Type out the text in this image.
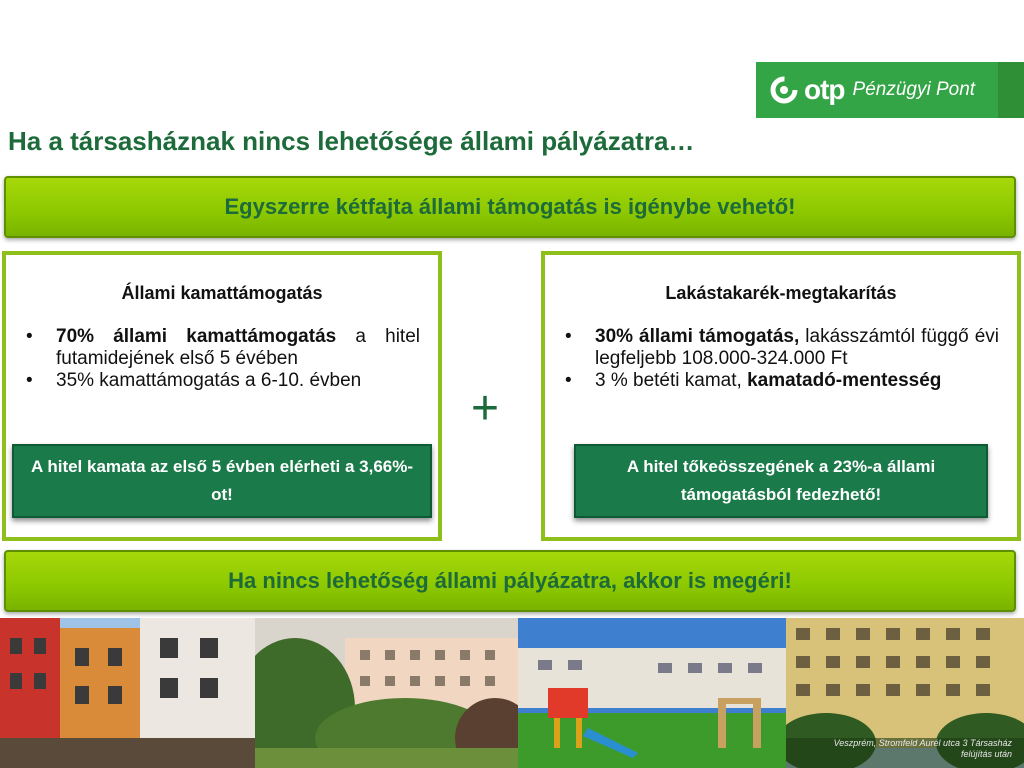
otp Pénzügyi Pont
Ha a társasháznak nincs lehetősége állami pályázatra…
Egyszerre kétfajta állami támogatás is igénybe vehető!
Állami kamattámogatás
• 70% állami kamattámogatás a hitel futamidejének első 5 évében
• 35% kamattámogatás a 6-10. évben
A hitel kamata az első 5 évben elérheti a 3,66%-ot!
+
Lakástakarék-megtakarítás
• 30% állami támogatás, lakásszámtól függő évi legfeljebb 108.000-324.000 Ft
• 3 % betéti kamat, kamatadó-mentesség
A hitel tőkeösszegének a 23%-a állami támogatásból fedezhető!
Ha nincs lehetőség állami pályázatra, akkor is megéri!
Veszprém, Stromfeld Aurél utca 3 Társasház felújítás után
